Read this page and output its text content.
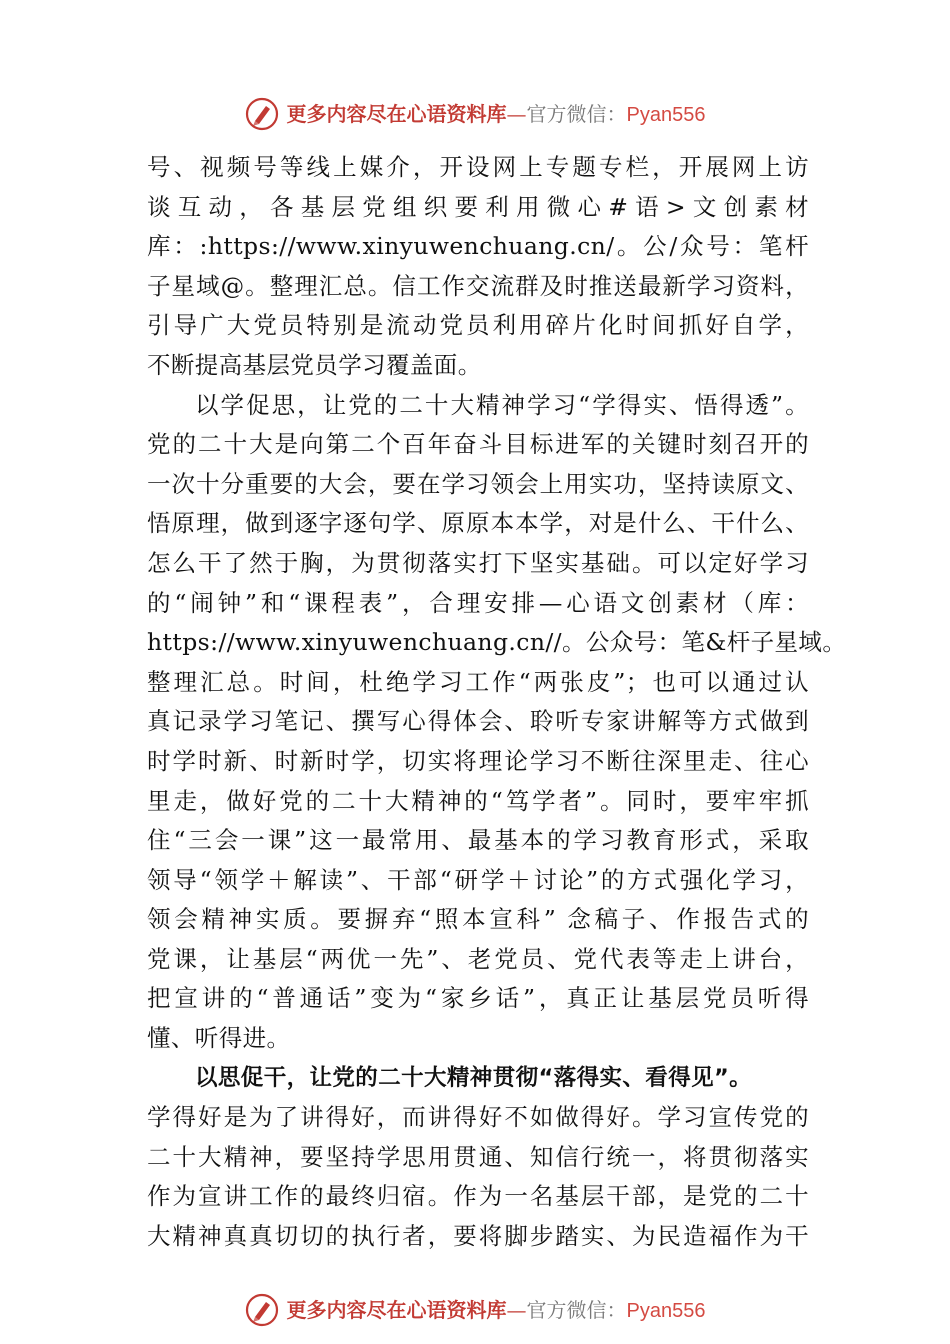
更多内容尽在心语资料库—官方微信：Pyan556
号、视频号等线上媒介，开设网上专题专栏，开展网上访
谈互动，各基层党组织要利用微心#语>文创素材
库：:https://www.xinyuwenchuang.cn/。公/众号：笔杆
子星域@。整理汇总。信工作交流群及时推送最新学习资料，
引导广大党员特别是流动党员利用碎片化时间抓好自学，
不断提高基层党员学习覆盖面。
以学促思，让党的二十大精神学习“学得实、悟得透”。
党的二十大是向第二个百年奋斗目标进军的关键时刻召开的
一次十分重要的大会，要在学习领会上用实功，坚持读原文、
悟原理，做到逐字逐句学、原原本本学，对是什么、干什么、
怎么干了然于胸，为贯彻落实打下坚实基础。可以定好学习
的“闹钟”和“课程表”，合理安排—心语文创素材（库：
https://www.xinyuwenchuang.cn//。公众号：笔&杆子星域。
整理汇总。时间，杜绝学习工作“两张皮”；也可以通过认
真记录学习笔记、撰写心得体会、聆听专家讲解等方式做到
时学时新、时新时学，切实将理论学习不断往深里走、往心
里走，做好党的二十大精神的“笃学者”。同时，要牢牢抓
住“三会一课”这一最常用、最基本的学习教育形式，采取
领导“领学＋解读”、干部“研学＋讨论”的方式强化学习，
领会精神实质。要摒弃“照本宣科” 念稿子、作报告式的
党课，让基层“两优一先”、老党员、党代表等走上讲台，
把宣讲的“普通话”变为“家乡话”，真正让基层党员听得
懂、听得进。
以思促干，让党的二十大精神贯彻“落得实、看得见”。
学得好是为了讲得好，而讲得好不如做得好。学习宣传党的
二十大精神，要坚持学思用贯通、知信行统一，将贯彻落实
作为宣讲工作的最终归宿。作为一名基层干部，是党的二十
大精神真真切切的执行者，要将脚步踏实、为民造福作为干
更多内容尽在心语资料库—官方微信：Pyan556
